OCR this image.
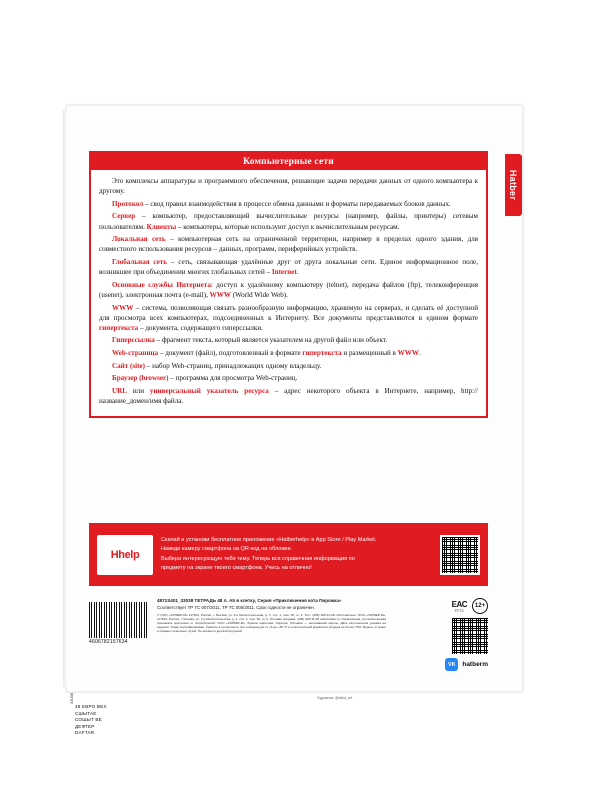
Hatber
Компьютерные сети

Это комплексы аппаратуры и программного обеспечения, решающие задачи передачи данных от одного компьютера к другому.

Протокол – свод правил взаимодействия в процессе обмена данными и форматы передаваемых блоков данных.

Сервер – компьютер, предоставляющий вычислительные ресурсы (например, файлы, принтеры) сетевым пользователям. Клиенты – компьютеры, которые используют доступ к вычислительным ресурсам.

Локальная сеть – компьютерная сеть на ограниченной территории, например в пределах одного здания, для совместного использования ресурсов – данных, программ, периферийных устройств.

Глобальная сеть – сеть, связывающая удалённые друг от друга локальные сети. Единое информационное поле, возникшее при объединении многих глобальных сетей – Internet.

Основные службы Интернета: доступ к удалённому компьютеру (telnet), передача файлов (ftp), телеконференция (usenet), электронная почта (e-mail), WWW (World Wide Web).

WWW – система, позволяющая связать разнообразную информацию, хранимую на серверах, и сделать её доступной для просмотра всех компьютерах, подсоединенных к Интернету. Все документы представляются в едином формате гипертекста – документа, содержащего гиперссылки.

Гиперссылка – фрагмент текста, который является указателем на другой файл или объект.

Web-страница – документ (файл), подготовленный в формате гипертекста и размещенный в WWW.

Сайт (site) – набор Web-страниц, принадлежащих одному владельцу.

Браузер (browser) – программа для просмотра Web-страниц.

URL или универсальный указатель ресурса – адрес некоторого объекта в Интернете, например, http://название_домен/имя файла.

Hhelp

Скачай и установи бесплатное приложение «Hatberhelp» в App Store / Play Market.

Наведи камеру смартфона на QR-код на обложке.

Выбери интересующую тебя тему. Теперь вся справочная информация по

предмету на экране твоего смартфона. Учись на отлично!

4606782157634
4871S401_33038 ТЕТРАДЬ 48 л. А5 в клетку, Серия «Приключения кота Пирожка»
Соответствует ТР ТС 007/2011, ТР ТС 005/2011. Срок годности не ограничен.
© ООО «ХАТБЕР-М» 117623, Россия, г. Москва, ул. 2-я Мелитопольская, д. 1, стр. 1, пом. 30, эт. 2. Тел.: (495) 925-11-08. Изготовитель: ООО «ХАТБЕР-М», 117623, Россия, г. Москва, ул. 2-я Мелитопольская, д. 1, стр. 1, пом. 30, эт. 2. Оптовая продажа: (495) 925-11-08 www.hatber.ru. Организация, уполномоченная принимать претензии от потребителей: ООО «ХАТБЕР-М». Бумага офсетная. Скрепка. Обложка — мелованный картон. Дата изготовления указана на изделии. Товар сертифицирован. Хранить в сухом месте при температуре от +5 до +35 °C и относительной влажности воздуха не более 70%. Беречь от влаги и прямых солнечных лучей. Не является детской игрушкой.
EAC
ТР ТС
12+
VK	hatberm
33038
48 ЕВРО ВЕХ
СШЫТАЕ
СОШЫТ ВЕ
ДЕФТЕР
DAFTAR
Художник: @alliot_art
